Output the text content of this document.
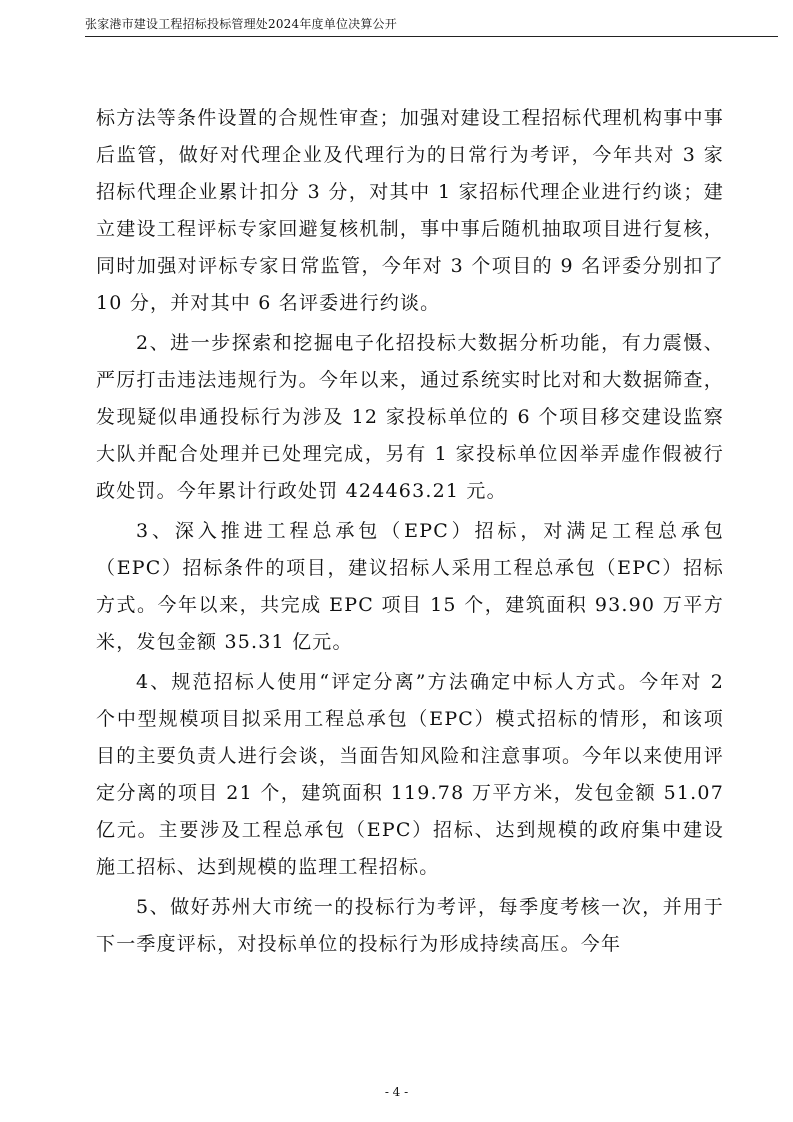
张家港市建设工程招标投标管理处2024年度单位决算公开

标方法等条件设置的合规性审查；加强对建设工程招标代理机构事中事后监管，做好对代理企业及代理行为的日常行为考评，今年共对 3 家招标代理企业累计扣分 3 分，对其中 1 家招标代理企业进行约谈；建立建设工程评标专家回避复核机制，事中事后随机抽取项目进行复核，同时加强对评标专家日常监管，今年对 3 个项目的 9 名评委分别扣了 10 分，并对其中 6 名评委进行约谈。

2、进一步探索和挖掘电子化招投标大数据分析功能，有力震慑、严厉打击违法违规行为。今年以来，通过系统实时比对和大数据筛查，发现疑似串通投标行为涉及 12 家投标单位的 6 个项目移交建设监察大队并配合处理并已处理完成，另有 1 家投标单位因举弄虚作假被行政处罚。今年累计行政处罚 424463.21 元。

3、深入推进工程总承包（EPC）招标，对满足工程总承包（EPC）招标条件的项目，建议招标人采用工程总承包（EPC）招标方式。今年以来，共完成 EPC 项目 15 个，建筑面积 93.90 万平方米，发包金额 35.31 亿元。

4、规范招标人使用“评定分离”方法确定中标人方式。今年对 2 个中型规模项目拟采用工程总承包（EPC）模式招标的情形，和该项目的主要负责人进行会谈，当面告知风险和注意事项。今年以来使用评定分离的项目 21 个，建筑面积 119.78 万平方米，发包金额 51.07 亿元。主要涉及工程总承包（EPC）招标、达到规模的政府集中建设施工招标、达到规模的监理工程招标。

5、做好苏州大市统一的投标行为考评，每季度考核一次，并用于下一季度评标，对投标单位的投标行为形成持续高压。今年

- 4 -
